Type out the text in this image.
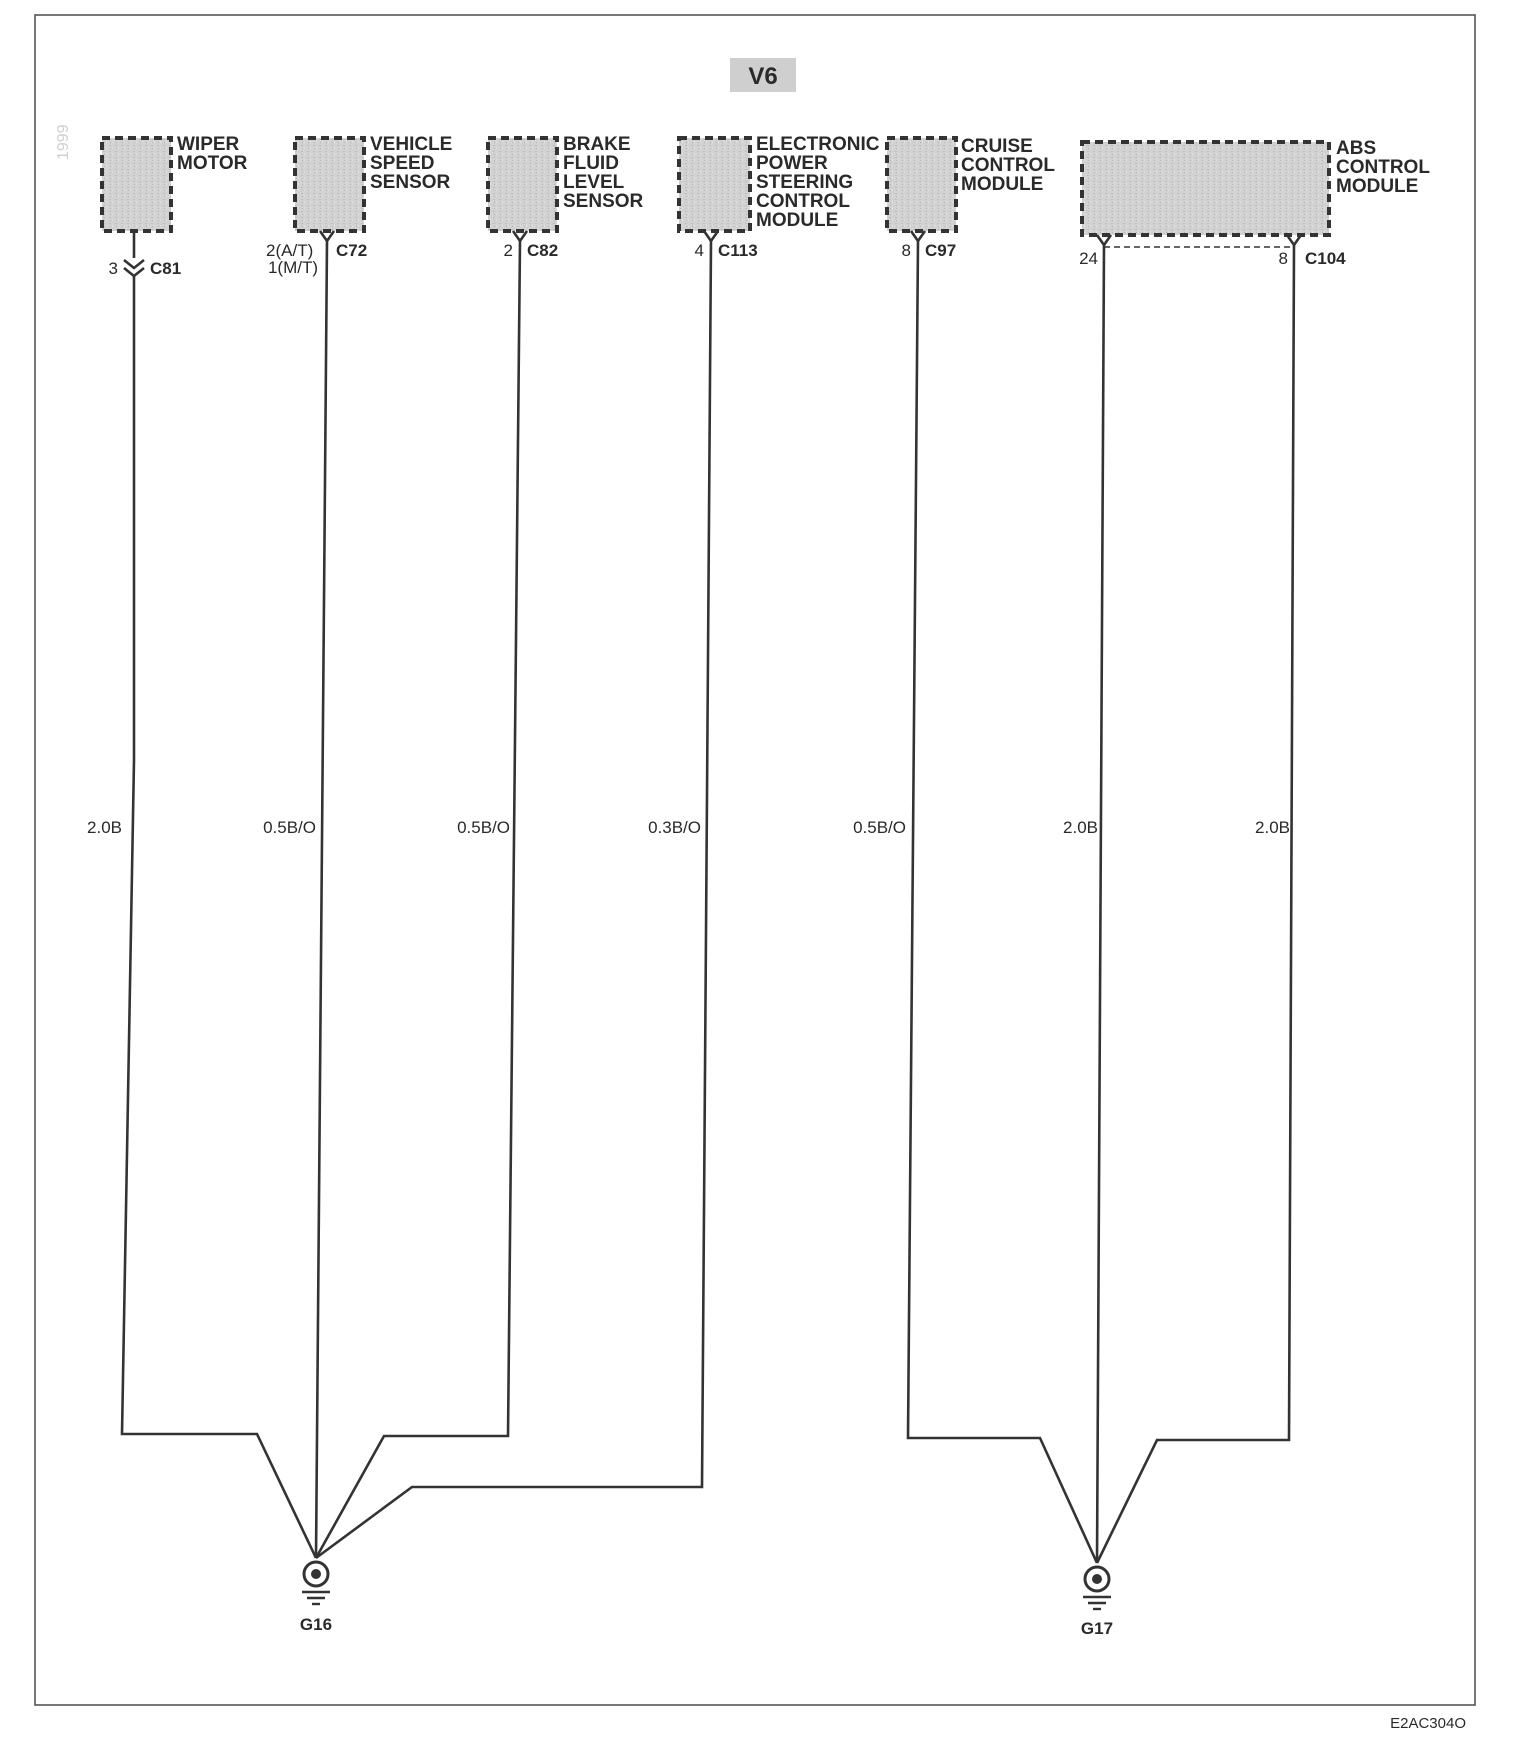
V6
1999	WIPER MOTOR
VEHICLE SPEED SENSOR
BRAKE FLUID LEVEL SENSOR
ELECTRONIC POWER STEERING CONTROL MODULE
CRUISE CONTROL MODULE
ABS CONTROL MODULE
3 C81
2(A/T) 1(M/T)
C72	2 C82	4 C113	8 C97	24	8 C104
2.0B	0.5B/O	0.5B/O	0.3B/O	0.5B/O	2.0B	2.0B
G16	G17
E2AC304O
